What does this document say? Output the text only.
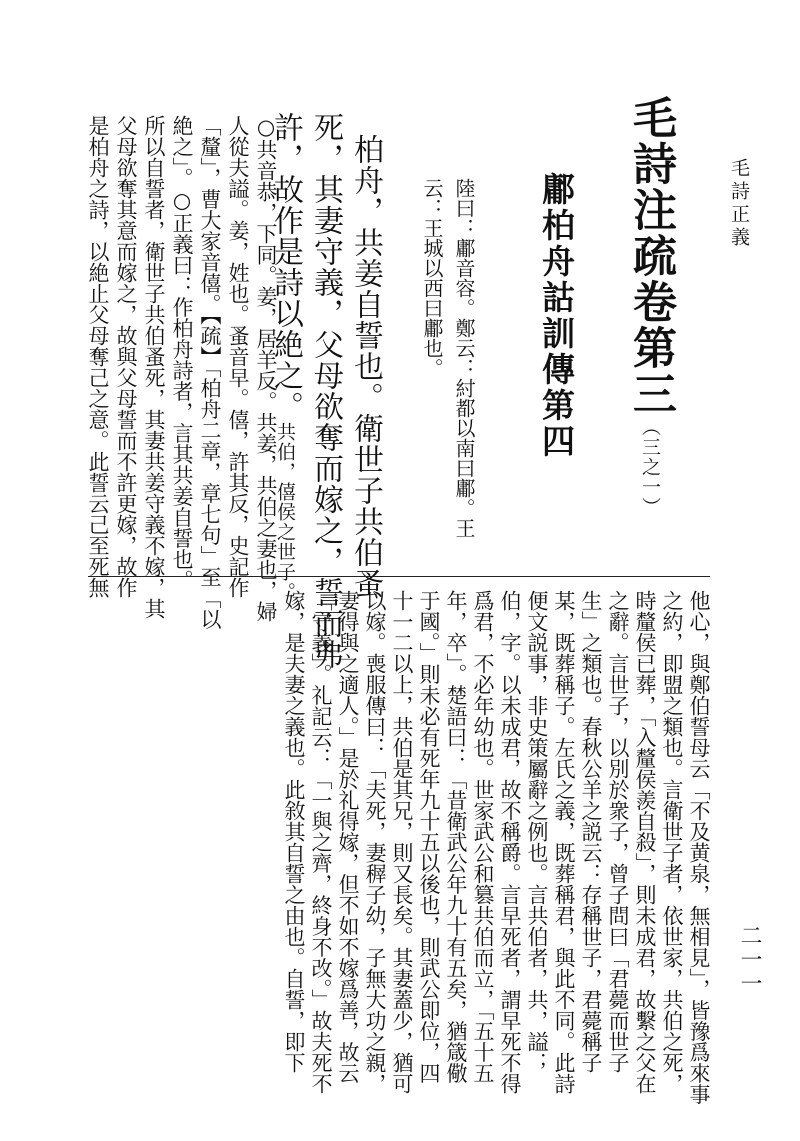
毛詩正義
毛詩注疏卷第三（三之一）
鄘柏舟詁訓傳第四
陸曰：鄘音容。鄭云：紂都以南曰鄘。王
云：王城以西曰鄘也。
柏舟，共姜自誓也。衛世子共伯蚤
死，其妻守義，父母欲奪而嫁之，誓而弗
許，故作是詩以絶之。共伯，僖侯之世子。
○共音恭，下同。姜，居羊反。共姜，共伯之妻也，婦
人從夫謚。姜，姓也。蚤音早。僖，許其反，史記作
「釐」，曹大家音僖。【疏】「柏舟二章，章七句」至「以
絶之」。○正義曰：作柏舟詩者，言其共姜自誓也。
所以自誓者，衛世子共伯蚤死，其妻共姜守義不嫁，其
父母欲奪其意而嫁之，故與父母誓而不許更嫁，故作
是柏舟之詩，以絶止父母奪己之意。此誓云己至死無
他心，與鄭伯誓母云「不及黄泉，無相見」，皆豫爲來事
之約，即盟之類也。言衛世子者，依世家，共伯之死，
時釐侯已葬，「入釐侯羨自殺」，則未成君，故繫之父在
之辭。言世子，以別於衆子，曾子問曰「君薨而世子
生」之類也。春秋公羊之説云：存稱世子，君薨稱子
某，既葬稱子。左氏之義，既葬稱君，與此不同。此詩
便文説事，非史策屬辭之例也。言共伯者，共，謚；
伯，字。以未成君，故不稱爵。言早死者，謂早死不得
爲君，不必年幼也。世家武公和篡共伯而立，「五十五
年，卒」。楚語曰：「昔衛武公年九十有五矣，猶箴儆
于國。」則未必有死年九十五以後也，則武公即位，四
十一二以上，共伯是其兄，則又長矣。其妻蓋少，猶可
以嫁。喪服傳曰：「夫死，妻稺子幼，子無大功之親，
妻得與之適人。」是於礼得嫁，但不如不嫁爲善，故云
「守義」。礼記云：「一與之齊，終身不改。」故夫死不
嫁，是夫妻之義也。此敘其自誓之由也。自誓，即下	二一一
